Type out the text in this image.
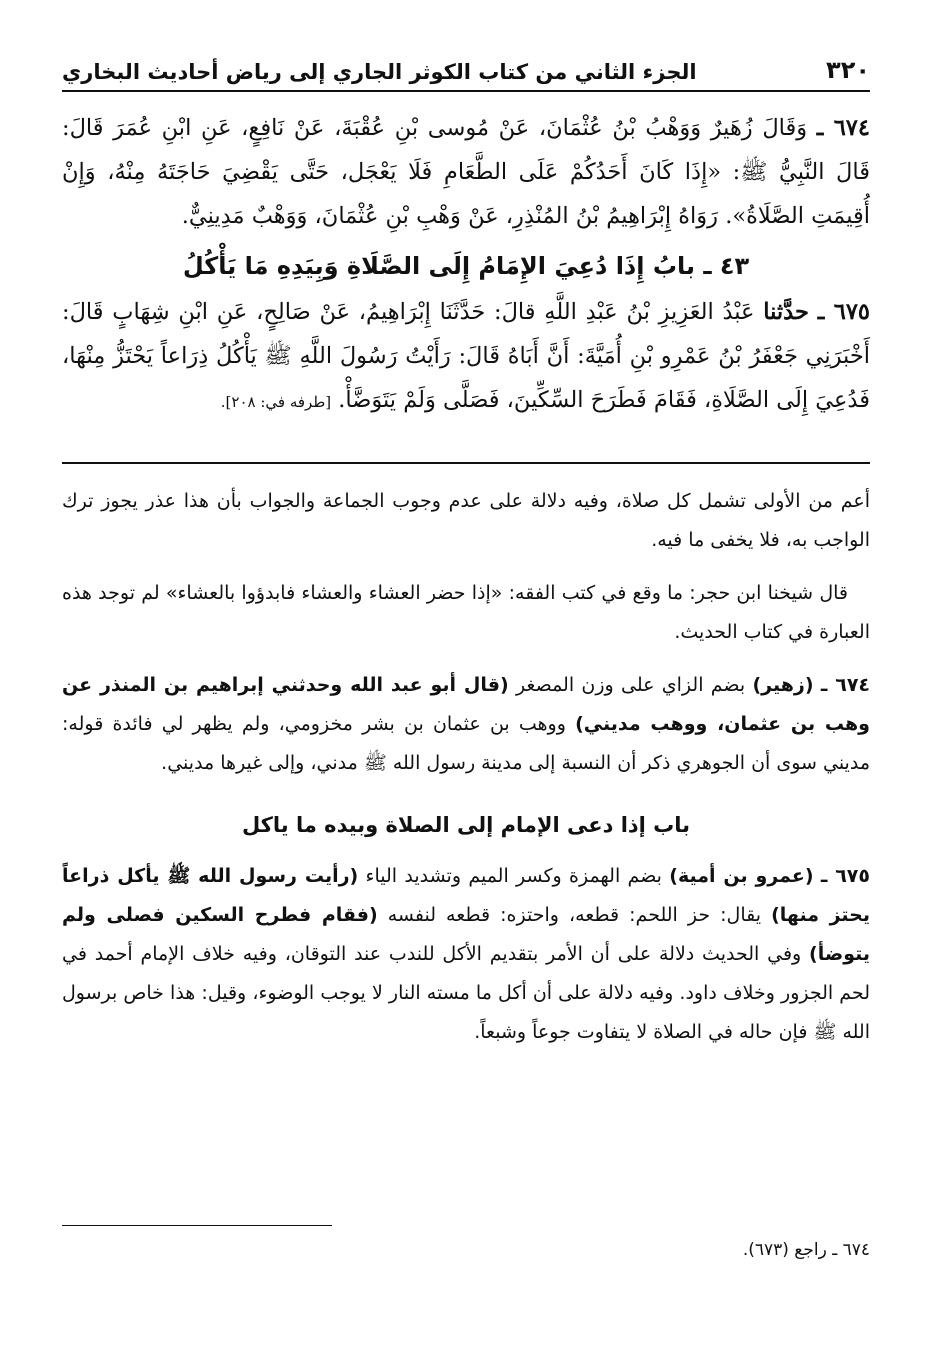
٣٢٠
الجزء الثاني من كتاب الكوثر الجاري إلى رياض أحاديث البخاري

٦٧٤ ـ وَقَالَ زُهَيرٌ وَوَهْبُ بْنُ عُثْمَانَ، عَنْ مُوسى بْنِ عُقْبَةَ، عَنْ نَافِعٍ، عَنِ ابْنِ عُمَرَ قَالَ: قَالَ النَّبِيُّ ﷺ: «إِذَا كَانَ أَحَدُكُمْ عَلَى الطَّعَامِ فَلَا يَعْجَل، حَتَّى يَقْضِيَ حَاجَتَهُ مِنْهُ، وَإِنْ أُقِيمَتِ الصَّلَاةُ». رَوَاهُ إِبْرَاهِيمُ بْنُ المُنْذِرِ، عَنْ وَهْبِ بْنِ عُثْمَانَ، وَوَهْبٌ مَدِينِيٌّ.

٤٣ ـ بابُ إِذَا دُعِيَ الإِمَامُ إِلَى الصَّلَاةِ وَبِيَدِهِ مَا يَأْكُلُ

٦٧٥ ـ حدَّثنا عَبْدُ العَزِيزِ بْنُ عَبْدِ اللَّهِ قالَ: حَدَّثَنَا إِبْرَاهِيمُ، عَنْ صَالِحٍ، عَنِ ابْنِ شِهَابٍ قَالَ: أَخْبَرَنِي جَعْفَرُ بْنُ عَمْرِو بْنِ أُمَيَّةَ: أَنَّ أَبَاهُ قَالَ: رَأَيْتُ رَسُولَ اللَّهِ ﷺ يَأْكُلُ ذِرَاعاً يَحْتَزُّ مِنْهَا، فَدُعِيَ إِلَى الصَّلَاةِ، فَقَامَ فَطَرَحَ السِّكِّينَ، فَصَلَّى وَلَمْ يَتَوَضَّأْ. [طرفه في: ٢٠٨].

أعم من الأولى تشمل كل صلاة، وفيه دلالة على عدم وجوب الجماعة والجواب بأن هذا عذر يجوز ترك الواجب به، فلا يخفى ما فيه.

قال شيخنا ابن حجر: ما وقع في كتب الفقه: «إذا حضر العشاء والعشاء فابدؤوا بالعشاء» لم توجد هذه العبارة في كتاب الحديث.

٦٧٤ ـ (زهير) بضم الزاي على وزن المصغر (قال أبو عبد الله وحدثني إبراهيم بن المنذر عن وهب بن عثمان، ووهب مديني) ووهب بن عثمان بن بشر مخزومي، ولم يظهر لي فائدة قوله: مديني سوى أن الجوهري ذكر أن النسبة إلى مدينة رسول الله ﷺ مدني، وإلى غيرها مديني.

باب إذا دعى الإمام إلى الصلاة وبيده ما ياكل

٦٧٥ ـ (عمرو بن أمية) بضم الهمزة وكسر الميم وتشديد الياء (رأيت رسول الله ﷺ يأكل ذراعاً يحتز منها) يقال: حز اللحم: قطعه، واحتزه: قطعه لنفسه (فقام فطرح السكين فصلى ولم يتوضأ) وفي الحديث دلالة على أن الأمر بتقديم الأكل للندب عند التوقان، وفيه خلاف الإمام أحمد في لحم الجزور وخلاف داود. وفيه دلالة على أن أكل ما مسته النار لا يوجب الوضوء، وقيل: هذا خاص برسول الله ﷺ فإن حاله في الصلاة لا يتفاوت جوعاً وشبعاً.

٦٧٤ ـ راجع (٦٧٣).
